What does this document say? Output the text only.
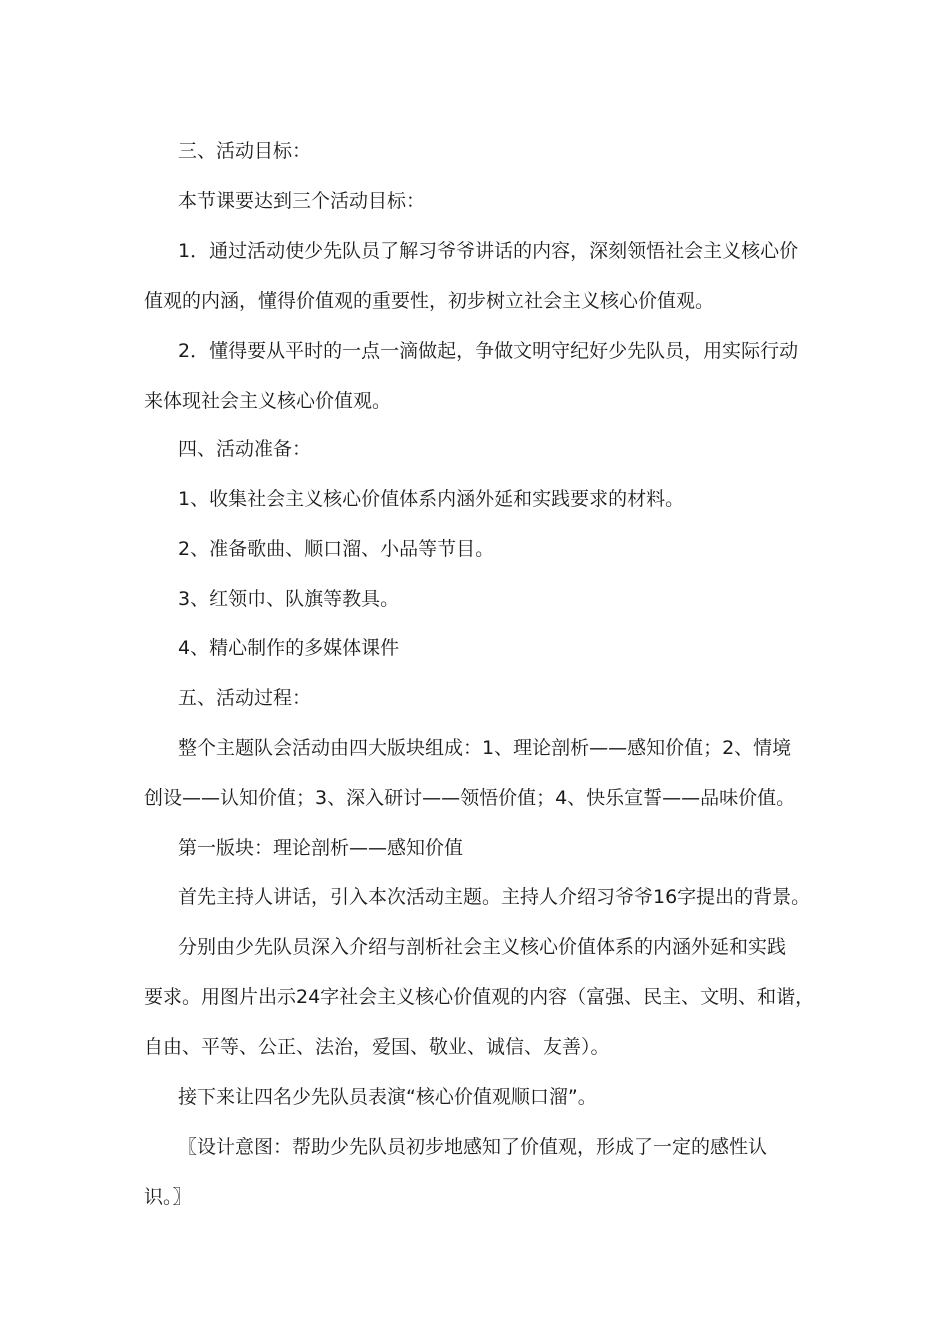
三、活动目标：
本节课要达到三个活动目标：
1．通过活动使少先队员了解习爷爷讲话的内容，深刻领悟社会主义核心价
值观的内涵，懂得价值观的重要性，初步树立社会主义核心价值观。
2．懂得要从平时的一点一滴做起，争做文明守纪好少先队员，用实际行动
来体现社会主义核心价值观。
四、活动准备：
1、收集社会主义核心价值体系内涵外延和实践要求的材料。
2、准备歌曲、顺口溜、小品等节目。
3、红领巾、队旗等教具。
4、精心制作的多媒体课件
五、活动过程：
整个主题队会活动由四大版块组成：1、理论剖析——感知价值；2、情境
创设——认知价值；3、深入研讨——领悟价值；4、快乐宣誓——品味价值。
第一版块：理论剖析——感知价值
首先主持人讲话，引入本次活动主题。主持人介绍习爷爷16字提出的背景。
分别由少先队员深入介绍与剖析社会主义核心价值体系的内涵外延和实践
要求。用图片出示24字社会主义核心价值观的内容（富强、民主、文明、和谐，
自由、平等、公正、法治，爱国、敬业、诚信、友善）。
接下来让四名少先队员表演“核心价值观顺口溜”。
〖设计意图：帮助少先队员初步地感知了价值观，形成了一定的感性认
识。〗
